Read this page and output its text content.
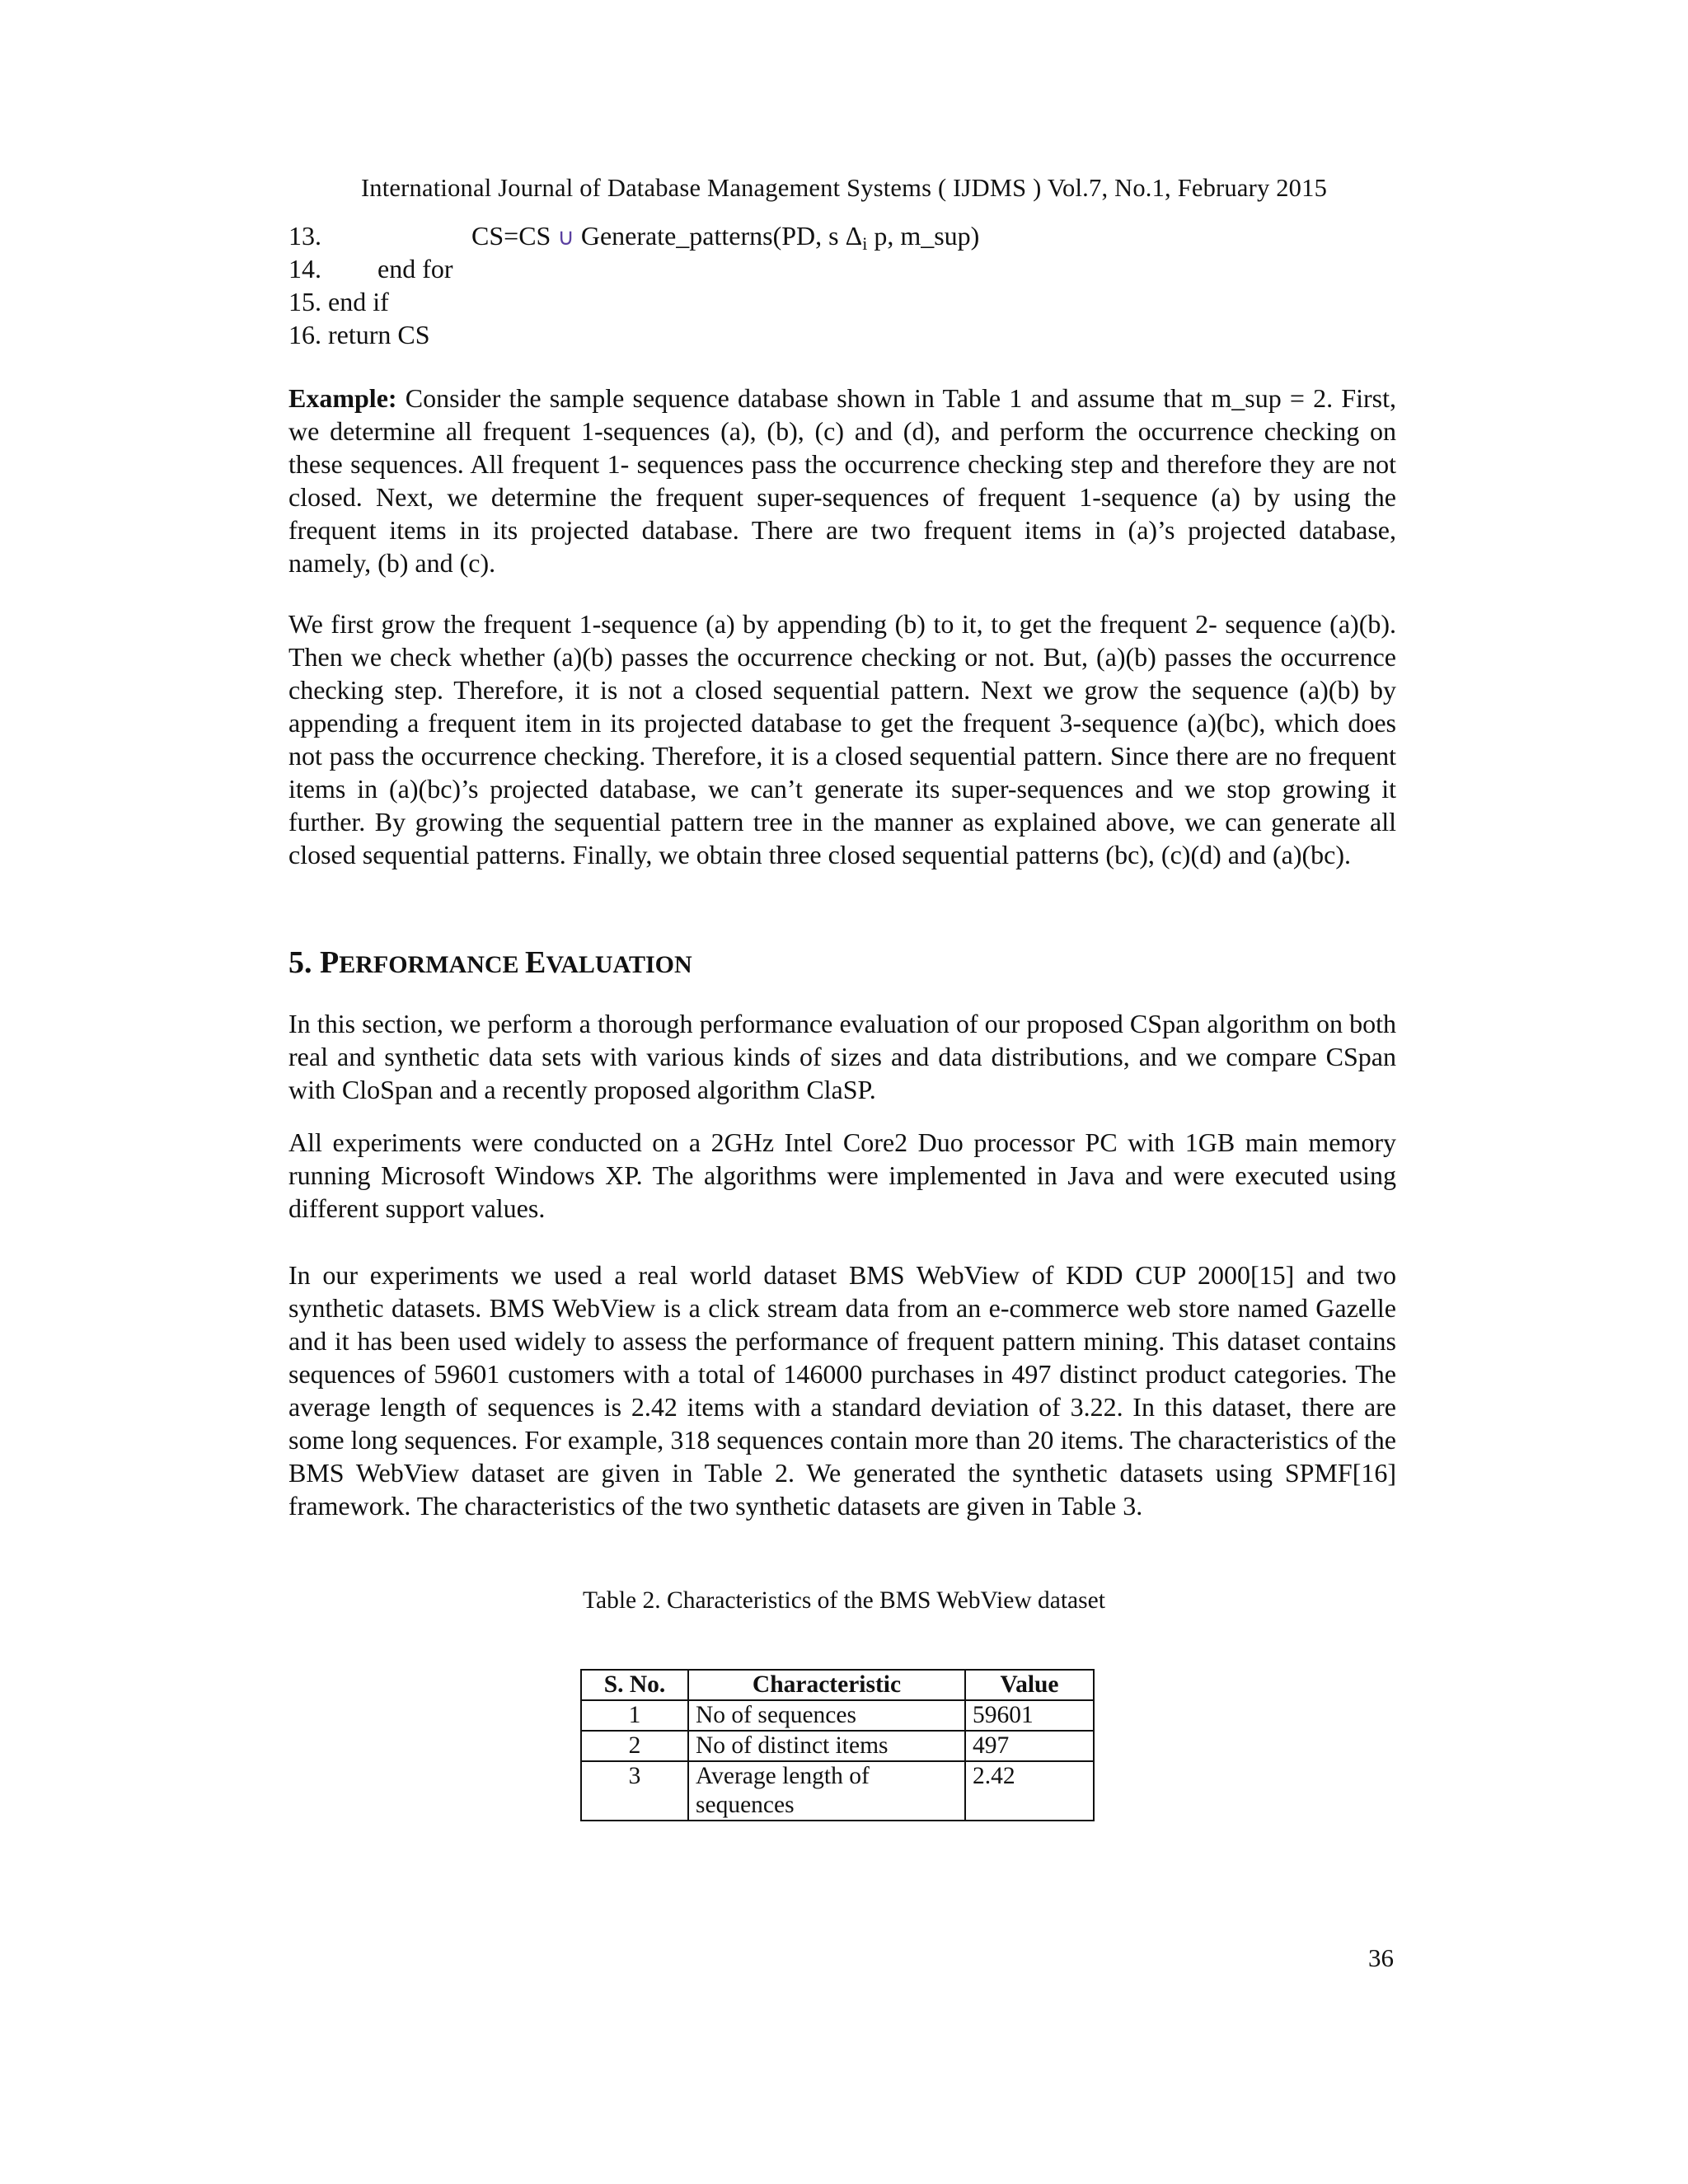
International Journal of Database Management Systems ( IJDMS ) Vol.7, No.1, February 2015
13.	CS=CS ∪ Generate_patterns(PD, s $\Delta_i$ p, m_sup)
14. end for
15. end if
16. return CS

Example: Consider the sample sequence database shown in Table 1 and assume that m_sup = 2. First, we determine all frequent 1-sequences (a), (b), (c) and (d), and perform the occurrence checking on these sequences. All frequent 1- sequences pass the occurrence checking step and therefore they are not closed. Next, we determine the frequent super-sequences of frequent 1-sequence (a) by using the frequent items in its projected database. There are two frequent items in (a)’s projected database, namely, (b) and (c).

We first grow the frequent 1-sequence (a) by appending (b) to it, to get the frequent 2- sequence (a)(b). Then we check whether (a)(b) passes the occurrence checking or not. But, (a)(b) passes the occurrence checking step. Therefore, it is not a closed sequential pattern. Next we grow the sequence (a)(b) by appending a frequent item in its projected database to get the frequent 3-sequence (a)(bc), which does not pass the occurrence checking. Therefore, it is a closed sequential pattern. Since there are no frequent items in (a)(bc)’s projected database, we can’t generate its super-sequences and we stop growing it further. By growing the sequential pattern tree in the manner as explained above, we can generate all closed sequential patterns. Finally, we obtain three closed sequential patterns (bc), (c)(d) and (a)(bc).

5. PERFORMANCE EVALUATION

In this section, we perform a thorough performance evaluation of our proposed CSpan algorithm on both real and synthetic data sets with various kinds of sizes and data distributions, and we compare CSpan with CloSpan and a recently proposed algorithm ClaSP.

All experiments were conducted on a 2GHz Intel Core2 Duo processor PC with 1GB main memory running Microsoft Windows XP. The algorithms were implemented in Java and were executed using different support values.

In our experiments we used a real world dataset BMS WebView of KDD CUP 2000[15] and two synthetic datasets. BMS WebView is a click stream data from an e-commerce web store named Gazelle and it has been used widely to assess the performance of frequent pattern mining. This dataset contains sequences of 59601 customers with a total of 146000 purchases in 497 distinct product categories. The average length of sequences is 2.42 items with a standard deviation of 3.22. In this dataset, there are some long sequences. For example, 318 sequences contain more than 20 items. The characteristics of the BMS WebView dataset are given in Table 2. We generated the synthetic datasets using SPMF[16] framework. The characteristics of the two synthetic datasets are given in Table 3.

Table 2. Characteristics of the BMS WebView dataset
S. No.	Characteristic	Value
1	No of sequences	59601
2	No of distinct items	497
3	Average length of sequences	2.42
36
